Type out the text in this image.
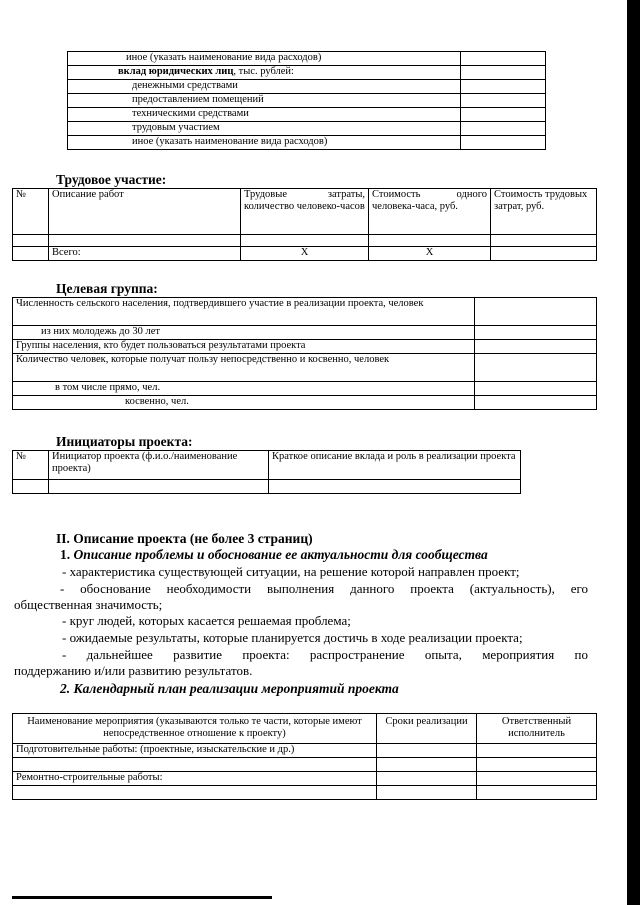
иное (указать наименование вида расходов)	
вклад юридических лиц, тыс. рублей:	
денежными средствами	
предоставлением помещений	
техническими средствами	
трудовым участием	
иное (указать наименование вида расходов)	
Трудовое участие:
№	Описание работ	Трудовые затраты, количество человеко-часов	Стоимость одного человека-часа, руб.	Стоимость трудовых затрат, руб.

	Всего:	Х	Х	
Целевая группа:
Численность сельского населения, подтвердившего участие в реализации проекта, человек	
из них молодежь до 30 лет	
Группы населения, кто будет пользоваться результатами проекта	
Количество человек, которые получат пользу непосредственно и косвенно, человек	
в том числе прямо, чел.	
косвенно, чел.	
Инициаторы проекта:
№	Инициатор проекта (ф.и.о./наименование проекта)	Краткое описание вклада и роль в реализации проекта

II. Описание проекта (не более 3 страниц)
1. Описание проблемы и обоснование ее актуальности для сообщества
- характеристика существующей ситуации, на решение которой направлен проект;
- обоснование необходимости выполнения данного проекта (актуальность), его
общественная значимость;
- круг людей, которых касается решаемая проблема;
- ожидаемые результаты, которые планируется достичь в ходе реализации проекта;
- дальнейшее развитие проекта: распространение опыта, мероприятия по
поддержанию и/или развитию результатов.
2. Календарный план реализации мероприятий проекта
Наименование мероприятия (указываются только те части, которые имеют непосредственное отношение к проекту)	Сроки реализации	Ответственный исполнитель
Подготовительные работы: (проектные, изыскательские и др.)		

Ремонтно-строительные работы:		
